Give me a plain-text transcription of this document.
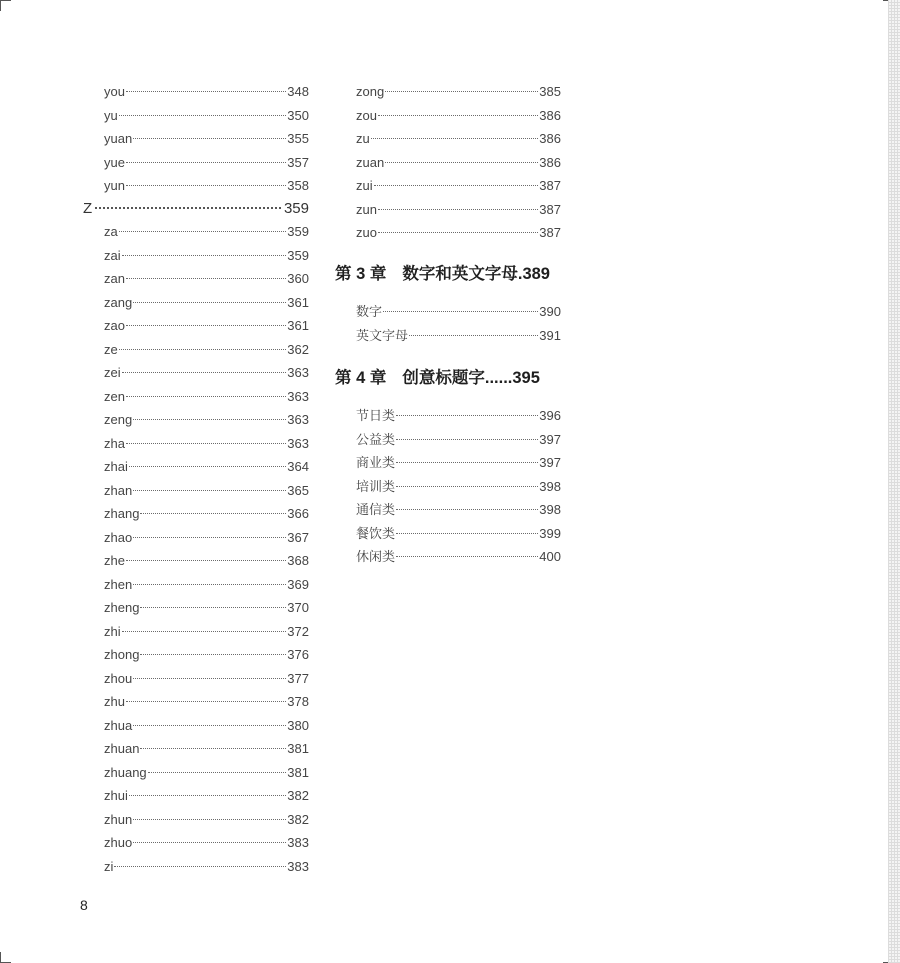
you	348
yu	350
yuan	355
yue	357
yun	358
Z	359
za	359
zai	359
zan	360
zang	361
zao	361
ze	362
zei	363
zen	363
zeng	363
zha	363
zhai	364
zhan	365
zhang	366
zhao	367
zhe	368
zhen	369
zheng	370
zhi	372
zhong	376
zhou	377
zhu	378
zhua	380
zhuan	381
zhuang	381
zhui	382
zhun	382
zhuo	383
zi	383
zong	385
zou	386
zu	386
zuan	386
zui	387
zun	387
zuo	387
第 3 章 数字和英文字母.389
数字	390
英文字母	391
第 4 章 创意标题字......395
节日类	396
公益类	397
商业类	397
培训类	398
通信类	398
餐饮类	399
休闲类	400
8
